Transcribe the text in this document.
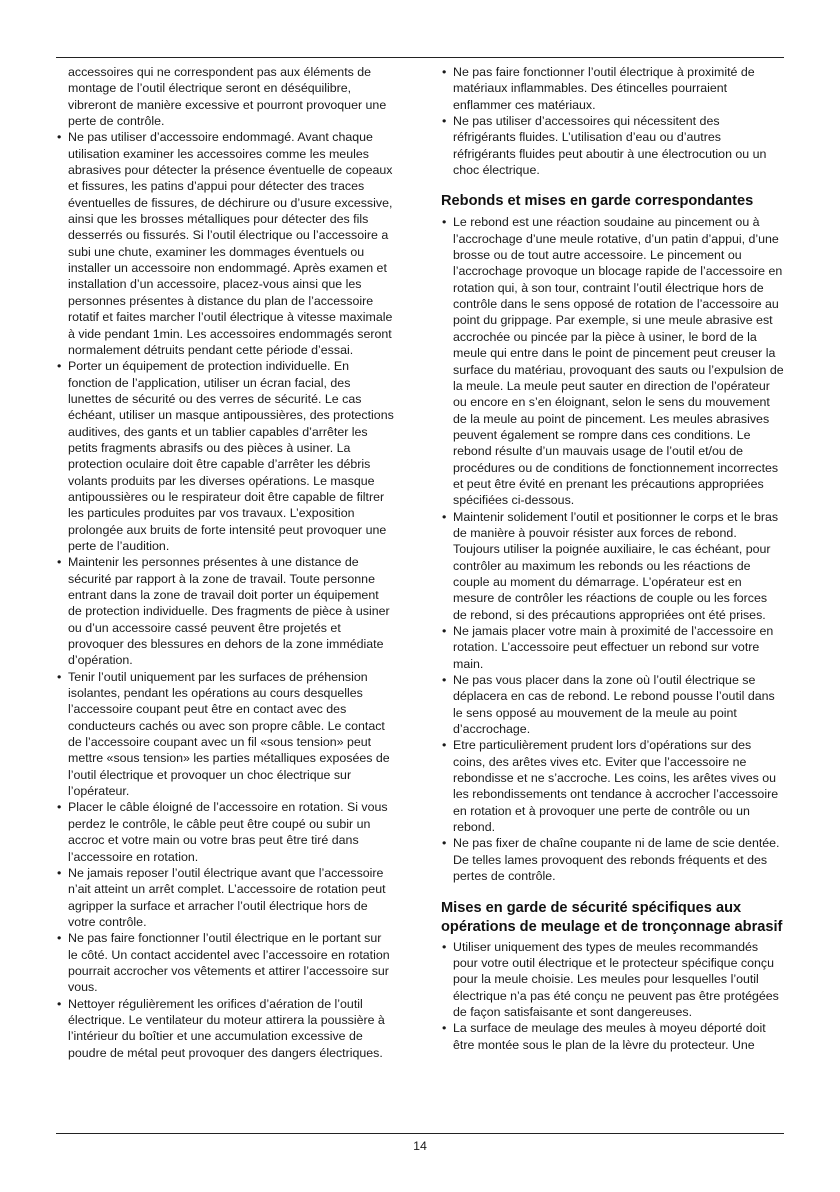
accessoires qui ne correspondent pas aux éléments de montage de l’outil électrique seront en déséquilibre, vibreront de manière excessive et pourront provoquer une perte de contrôle.

• Ne pas utiliser d’accessoire endommagé. Avant chaque utilisation examiner les accessoires comme les meules abrasives pour détecter la présence éventuelle de copeaux et fissures, les patins d’appui pour détecter des traces éventuelles de fissures, de déchirure ou d’usure excessive, ainsi que les brosses métalliques pour détecter des fils desserrés ou fissurés. Si l’outil électrique ou l’accessoire a subi une chute, examiner les dommages éventuels ou installer un accessoire non endommagé. Après examen et installation d’un accessoire, placez-vous ainsi que les personnes présentes à distance du plan de l’accessoire rotatif et faites marcher l’outil électrique à vitesse maximale à vide pendant 1min. Les accessoires endommagés seront normalement détruits pendant cette période d’essai.
• Porter un équipement de protection individuelle. En fonction de l’application, utiliser un écran facial, des lunettes de sécurité ou des verres de sécurité. Le cas échéant, utiliser un masque antipoussières, des protections auditives, des gants et un tablier capables d’arrêter les petits fragments abrasifs ou des pièces à usiner. La protection oculaire doit être capable d’arrêter les débris volants produits par les diverses opérations. Le masque antipoussières ou le respirateur doit être capable de filtrer les particules produites par vos travaux. L’exposition prolongée aux bruits de forte intensité peut provoquer une perte de l’audition.
• Maintenir les personnes présentes à une distance de sécurité par rapport à la zone de travail. Toute personne entrant dans la zone de travail doit porter un équipement de protection individuelle. Des fragments de pièce à usiner ou d’un accessoire cassé peuvent être projetés et provoquer des blessures en dehors de la zone immédiate d’opération.
• Tenir l’outil uniquement par les surfaces de préhension isolantes, pendant les opérations au cours desquelles l’accessoire coupant peut être en contact avec des conducteurs cachés ou avec son propre câble. Le contact de l’accessoire coupant avec un fil «sous tension» peut mettre «sous tension» les parties métalliques exposées de l’outil électrique et provoquer un choc électrique sur l’opérateur.
• Placer le câble éloigné de l’accessoire en rotation. Si vous perdez le contrôle, le câble peut être coupé ou subir un accroc et votre main ou votre bras peut être tiré dans l’accessoire en rotation.
• Ne jamais reposer l’outil électrique avant que l’accessoire n’ait atteint un arrêt complet. L’accessoire de rotation peut agripper la surface et arracher l’outil électrique hors de votre contrôle.
• Ne pas faire fonctionner l’outil électrique en le portant sur le côté. Un contact accidentel avec l’accessoire en rotation pourrait accrocher vos vêtements et attirer l’accessoire sur vous.
• Nettoyer régulièrement les orifices d’aération de l’outil électrique. Le ventilateur du moteur attirera la poussière à l’intérieur du boîtier et une accumulation excessive de poudre de métal peut provoquer des dangers électriques.
• Ne pas faire fonctionner l’outil électrique à proximité de matériaux inflammables. Des étincelles pourraient enflammer ces matériaux.
• Ne pas utiliser d’accessoires qui nécessitent des réfrigérants fluides. L’utilisation d’eau ou d’autres réfrigérants fluides peut aboutir à une électrocution ou un choc électrique.
Rebonds et mises en garde correspondantes
• Le rebond est une réaction soudaine au pincement ou à l’accrochage d’une meule rotative, d’un patin d’appui, d’une brosse ou de tout autre accessoire. Le pincement ou l’accrochage provoque un blocage rapide de l’accessoire en rotation qui, à son tour, contraint l’outil électrique hors de contrôle dans le sens opposé de rotation de l’accessoire au point du grippage. Par exemple, si une meule abrasive est accrochée ou pincée par la pièce à usiner, le bord de la meule qui entre dans le point de pincement peut creuser la surface du matériau, provoquant des sauts ou l’expulsion de la meule. La meule peut sauter en direction de l’opérateur ou encore en s’en éloignant, selon le sens du mouvement de la meule au point de pincement. Les meules abrasives peuvent également se rompre dans ces conditions. Le rebond résulte d’un mauvais usage de l’outil et/ou de procédures ou de conditions de fonctionnement incorrectes et peut être évité en prenant les précautions appropriées spécifiées ci-dessous.
• Maintenir solidement l’outil et positionner le corps et le bras de manière à pouvoir résister aux forces de rebond. Toujours utiliser la poignée auxiliaire, le cas échéant, pour contrôler au maximum les rebonds ou les réactions de couple au moment du démarrage. L’opérateur est en mesure de contrôler les réactions de couple ou les forces de rebond, si des précautions appropriées ont été prises.
• Ne jamais placer votre main à proximité de l’accessoire en rotation. L’accessoire peut effectuer un rebond sur votre main.
• Ne pas vous placer dans la zone où l’outil électrique se déplacera en cas de rebond. Le rebond pousse l’outil dans le sens opposé au mouvement de la meule au point d’accrochage.
• Etre particulièrement prudent lors d’opérations sur des coins, des arêtes vives etc. Eviter que l’accessoire ne rebondisse et ne s’accroche. Les coins, les arêtes vives ou les rebondissements ont tendance à accrocher l’accessoire en rotation et à provoquer une perte de contrôle ou un rebond.
• Ne pas fixer de chaîne coupante ni de lame de scie dentée. De telles lames provoquent des rebonds fréquents et des pertes de contrôle.
Mises en garde de sécurité spécifiques aux opérations de meulage et de tronçonnage abrasif
• Utiliser uniquement des types de meules recommandés pour votre outil électrique et le protecteur spécifique conçu pour la meule choisie. Les meules pour lesquelles l’outil électrique n’a pas été conçu ne peuvent pas être protégées de façon satisfaisante et sont dangereuses.
• La surface de meulage des meules à moyeu déporté doit être montée sous le plan de la lèvre du protecteur. Une
14
